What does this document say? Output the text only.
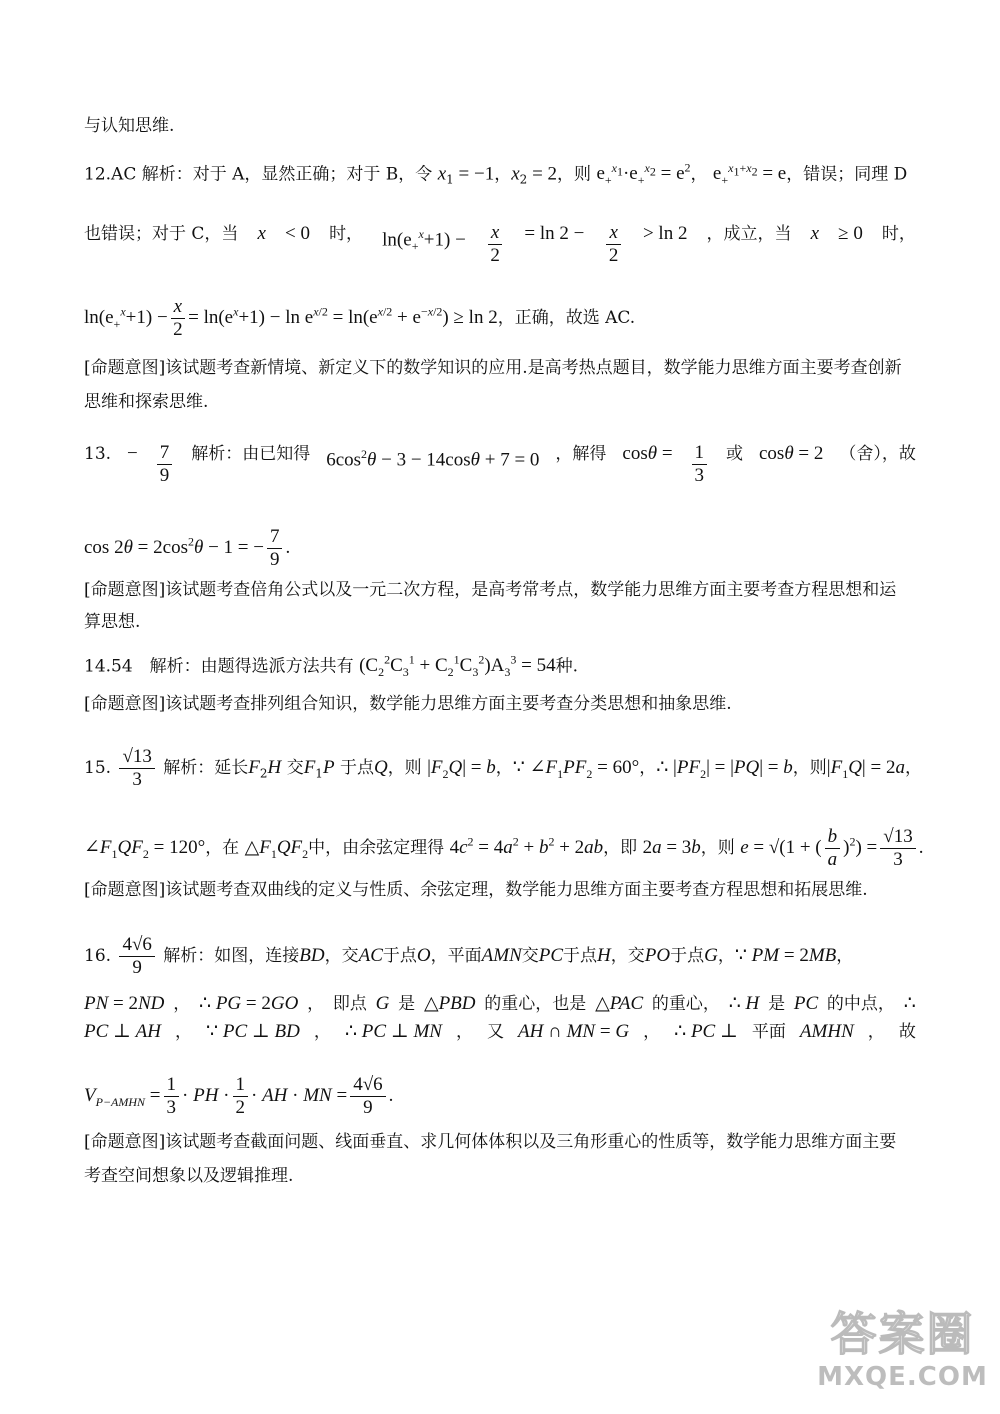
与认知思维.
12.AC 解析：对于 A，显然正确；对于 B，令 $x_1 = -1$，$x_2 = 2$，则 $e_+^{x_1}\cdot e_+^{x_2} = e^2$， $e_+^{x_1+x_2} = e$，错误；同理 D
也错误；对于 C，当 x < 0 时， $\ln(e_+^x+1) - \frac{x}{2} = \ln 2 - \frac{x}{2} > \ln 2$ ，成立，当 x ≥ 0 时，
$\ln(e_+^x+1) - \frac{x}{2} = \ln(e^x+1) - \ln e^{x/2} = \ln(e^{x/2} + e^{-x/2}) \ge \ln 2$，正确，故选 AC.
[命题意图]该试题考查新情境、新定义下的数学知识的应用.是高考热点题目，数学能力思维方面主要考查创新
思维和探索思维.
13. − $\frac{7}{9}$ 解析：由已知得 $6\cos^2\theta - 3 - 14\cos\theta + 7 = 0$ ，解得 $\cos\theta = \frac{1}{3}$ 或 cosθ = 2 （舍），故
$\cos 2\theta = 2\cos^2\theta - 1$ = − $\frac{7}{9}$ .
[命题意图]该试题考查倍角公式以及一元二次方程，是高考常考点，数学能力思维方面主要考查方程思想和运
算思想.
14.54　解析：由题得选派方法共有 $(C_2^2C_3^1 + C_2^1C_3^2)A_3^3 = 54$种.
[命题意图]该试题考查排列组合知识，数学能力思维方面主要考查分类思想和抽象思维.
15. $\frac{√13}{3}$ 解析：延长$F_2H$ 交$F_1P$ 于点Q，则 $|F_2Q| = b$，∵ $\angle F_1PF_2 = 60^\circ$，∴ $|PF_2| = |PQ| = b$，则$|F_1Q| = 2a$，
$\angle F_1QF_2 = 120^\circ$，在 $\triangle F_1QF_2$中，由余弦定理得 $4c^2 = 4a^2 + b^2 + 2ab$，即 2a = 3b，则 e = √(1 + ( $\frac{b}{a} )^2) = \frac{√13}{3}$ .
[命题意图]该试题考查双曲线的定义与性质、余弦定理，数学能力思维方面主要考查方程思想和拓展思维.
16. $\frac{4√6}{9}$ 解析：如图，连接BD，交AC于点O，平面AMN交PC于点H，交PO于点G，∵ PM = 2MB，
PN = 2ND ， ∴ PG = 2GO ， 即点 G 是 △PBD 的重心，也是 △PAC 的重心， ∴ H 是 PC 的中点， ∴
PC ⊥ AH ， ∵ PC ⊥ BD ， ∴ PC ⊥ MN ， 又 AH ∩ MN = G ， ∴ PC ⊥ 平面 AMHN ， 故
$V_{P-AMHN} = \frac{1}{3}$ · PH · $\frac{1}{2}$ · AH · MN = $\frac{4√6}{9}$ .
[命题意图]该试题考查截面问题、线面垂直、求几何体体积以及三角形重心的性质等，数学能力思维方面主要
考查空间想象以及逻辑推理.
答案圈
MXQE.COM
